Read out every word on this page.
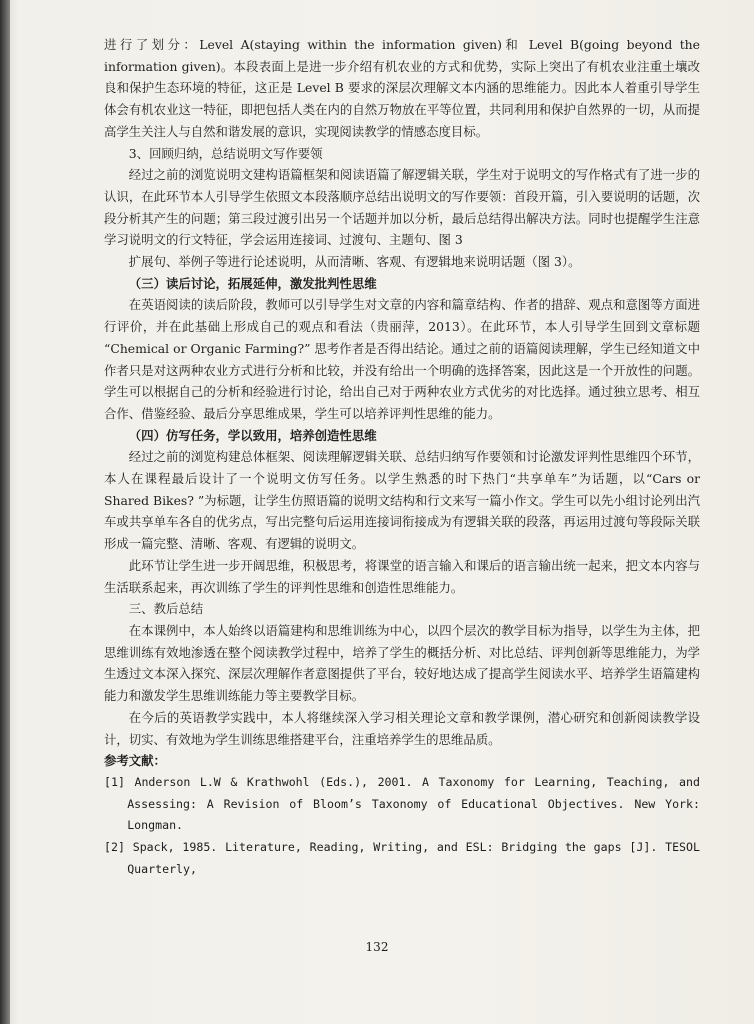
进行了划分：Level A(staying within the information given)和 Level B(going beyond the information given)。本段表面上是进一步介绍有机农业的方式和优势，实际上突出了有机农业注重土壤改良和保护生态环境的特征，这正是 Level B 要求的深层次理解文本内涵的思维能力。因此本人着重引导学生体会有机农业这一特征，即把包括人类在内的自然万物放在平等位置，共同利用和保护自然界的一切，从而提高学生关注人与自然和谐发展的意识，实现阅读教学的情感态度目标。

3、回顾归纳，总结说明文写作要领

经过之前的浏览说明文建构语篇框架和阅读语篇了解逻辑关联，学生对于说明文的写作格式有了进一步的认识，在此环节本人引导学生依照文本段落顺序总结出说明文的写作要领：首段开篇，引入要说明的话题，次段分析其产生的问题；第三段过渡引出另一个话题并加以分析，最后总结得出解决方法。同时也提醒学生注意学习说明文的行文特征，学会运用连接词、过渡句、主题句、图 3

扩展句、举例子等进行论述说明，从而清晰、客观、有逻辑地来说明话题（图 3）。

（三）读后讨论，拓展延伸，激发批判性思维

在英语阅读的读后阶段，教师可以引导学生对文章的内容和篇章结构、作者的措辞、观点和意图等方面进行评价，并在此基础上形成自己的观点和看法（贵丽萍，2013）。在此环节，本人引导学生回到文章标题 “Chemical or Organic Farming?” 思考作者是否得出结论。通过之前的语篇阅读理解，学生已经知道文中作者只是对这两种农业方式进行分析和比较，并没有给出一个明确的选择答案，因此这是一个开放性的问题。学生可以根据自己的分析和经验进行讨论，给出自己对于两种农业方式优劣的对比选择。通过独立思考、相互合作、借鉴经验、最后分享思维成果，学生可以培养评判性思维的能力。

（四）仿写任务，学以致用，培养创造性思维

经过之前的浏览构建总体框架、阅读理解逻辑关联、总结归纳写作要领和讨论激发评判性思维四个环节，本人在课程最后设计了一个说明文仿写任务。以学生熟悉的时下热门“共享单车”为话题，以“Cars or Shared Bikes? ”为标题，让学生仿照语篇的说明文结构和行文来写一篇小作文。学生可以先小组讨论列出汽车或共享单车各自的优劣点，写出完整句后运用连接词衔接成为有逻辑关联的段落，再运用过渡句等段际关联形成一篇完整、清晰、客观、有逻辑的说明文。

此环节让学生进一步开阔思维，积极思考，将课堂的语言输入和课后的语言输出统一起来，把文本内容与生活联系起来，再次训练了学生的评判性思维和创造性思维能力。

三、教后总结

在本课例中，本人始终以语篇建构和思维训练为中心，以四个层次的教学目标为指导，以学生为主体，把思维训练有效地渗透在整个阅读教学过程中，培养了学生的概括分析、对比总结、评判创新等思维能力，为学生透过文本深入探究、深层次理解作者意图提供了平台，较好地达成了提高学生阅读水平、培养学生语篇建构能力和激发学生思维训练能力等主要教学目标。

在今后的英语教学实践中，本人将继续深入学习相关理论文章和教学课例，潜心研究和创新阅读教学设计，切实、有效地为学生训练思维搭建平台，注重培养学生的思维品质。

参考文献：

[1] Anderson L.W & Krathwohl (Eds.), 2001. A Taxonomy for Learning, Teaching, and Assessing: A Revision of Bloom’s Taxonomy of Educational Objectives. New York: Longman.

[2] Spack, 1985. Literature, Reading, Writing, and ESL: Bridging the gaps [J]. TESOL Quarterly,

132
